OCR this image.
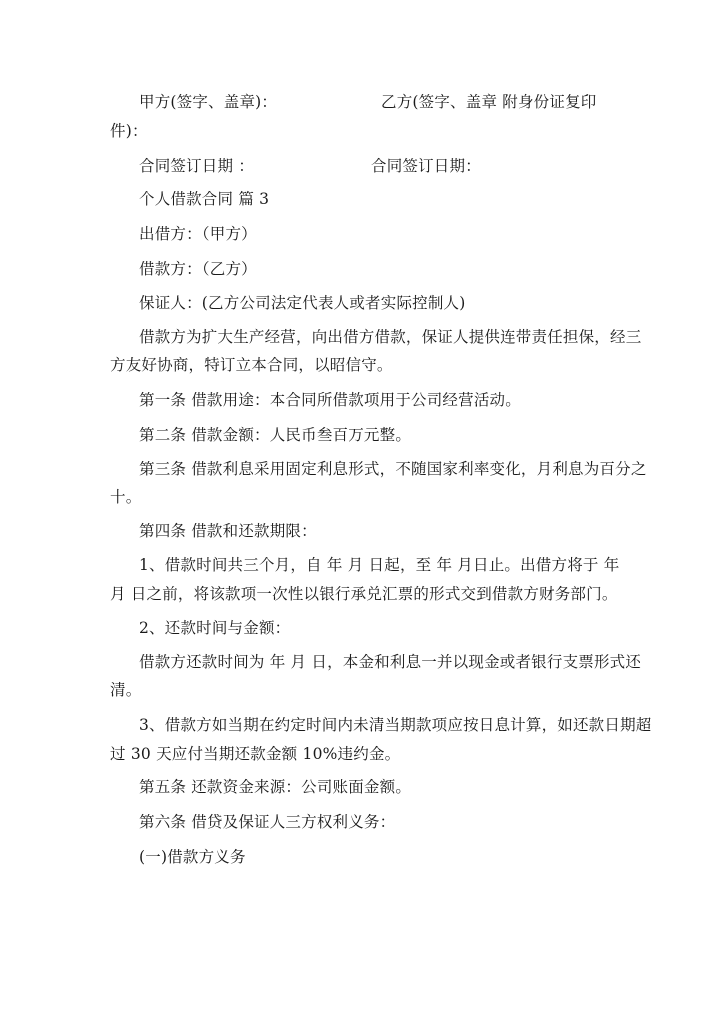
甲方(签字、盖章)：	乙方(签字、盖章 附身份证复印
件)：
合同签订日期 ：	合同签订日期：
个人借款合同 篇 3
出借方：（甲方）
借款方：（乙方）
保证人：(乙方公司法定代表人或者实际控制人)
借款方为扩大生产经营，向出借方借款，保证人提供连带责任担保，经三
方友好协商，特订立本合同，以昭信守。
第一条 借款用途：本合同所借款项用于公司经营活动。
第二条 借款金额：人民币叁百万元整。
第三条 借款利息采用固定利息形式，不随国家利率变化，月利息为百分之
十。
第四条 借款和还款期限：
1、借款时间共三个月，自 年 月 日起，至 年 月日止。出借方将于 年
月 日之前，将该款项一次性以银行承兑汇票的形式交到借款方财务部门。
2、还款时间与金额：
借款方还款时间为 年 月 日，本金和利息一并以现金或者银行支票形式还
清。
3、借款方如当期在约定时间内未清当期款项应按日息计算，如还款日期超
过 30 天应付当期还款金额 10%违约金。
第五条 还款资金来源：公司账面金额。
第六条 借贷及保证人三方权利义务：
(一)借款方义务
